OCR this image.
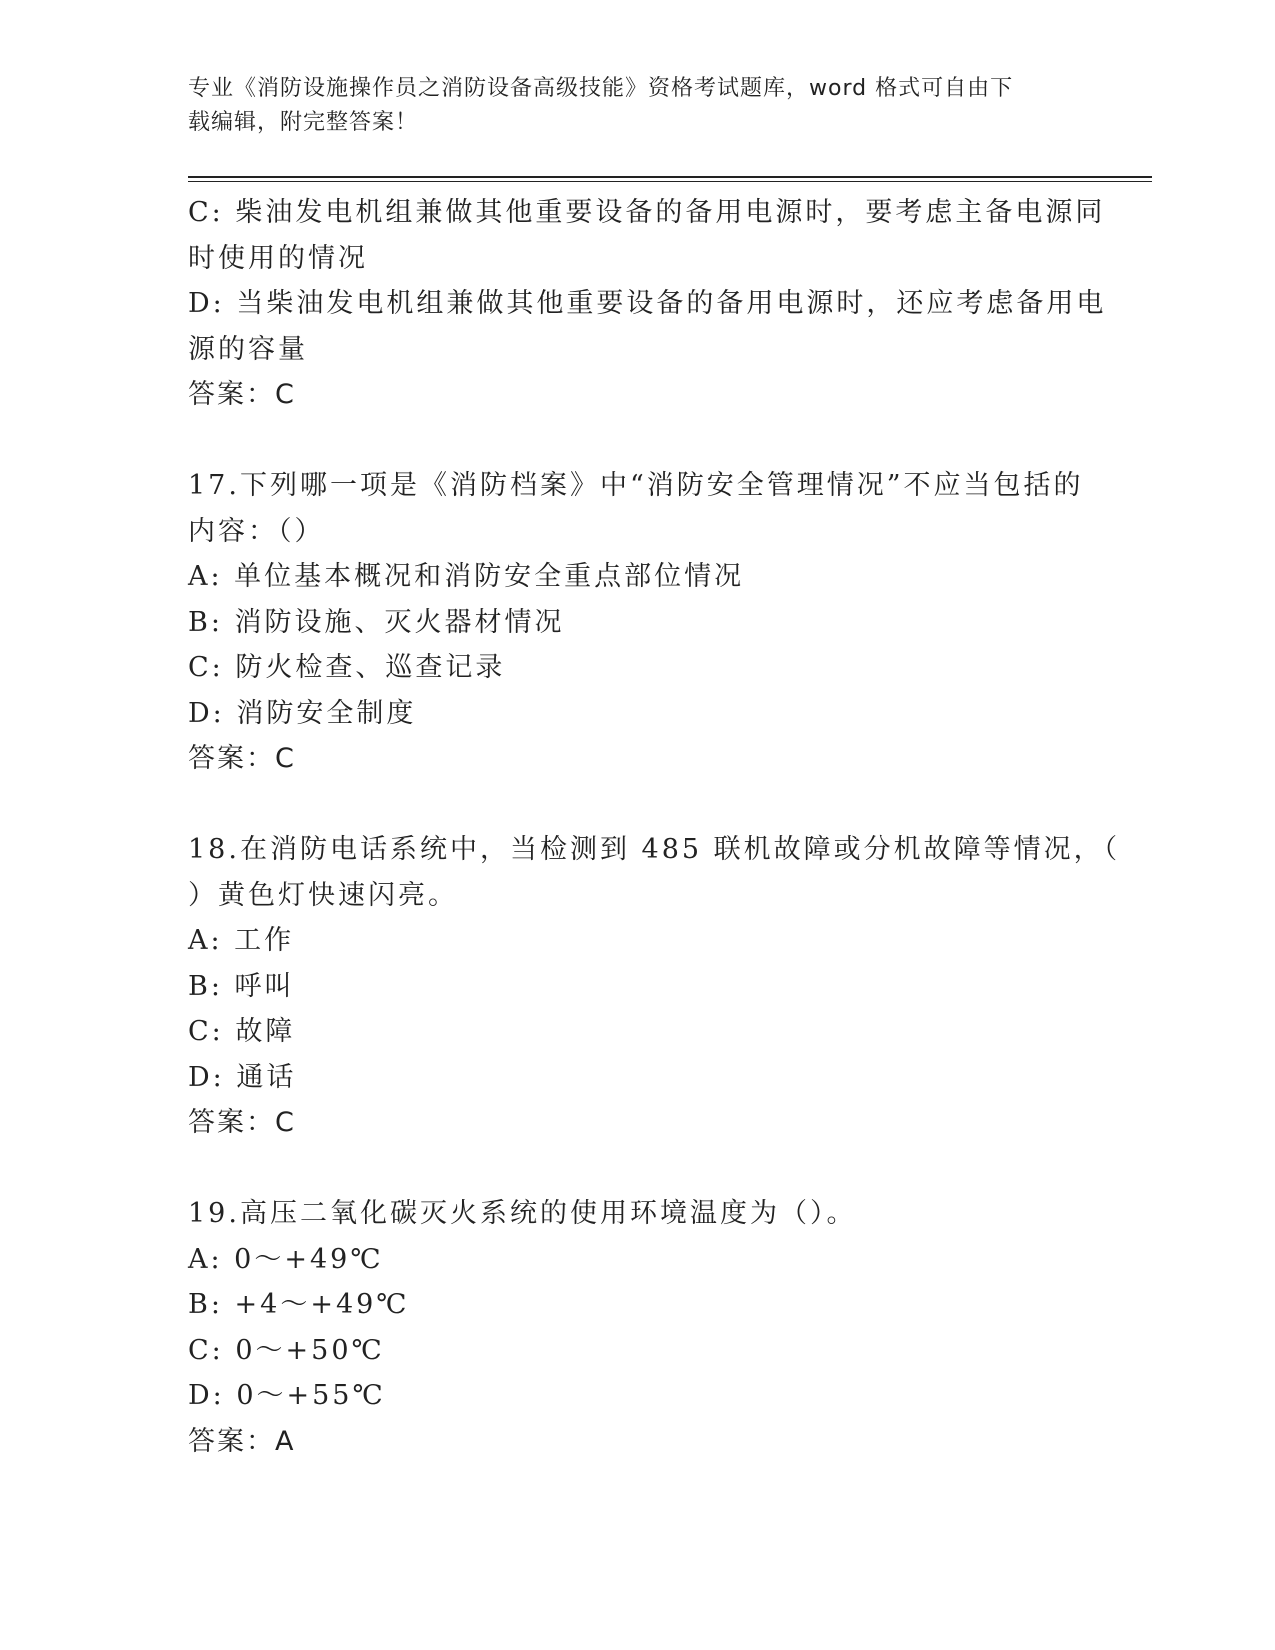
专业《消防设施操作员之消防设备高级技能》资格考试题库，word 格式可自由下
载编辑，附完整答案！
C: 柴油发电机组兼做其他重要设备的备用电源时，要考虑主备电源同
时使用的情况
D: 当柴油发电机组兼做其他重要设备的备用电源时，还应考虑备用电
源的容量
答案：C
17.下列哪一项是《消防档案》中“消防安全管理情况”不应当包括的
内容：（）
A: 单位基本概况和消防安全重点部位情况
B: 消防设施、灭火器材情况
C: 防火检查、巡查记录
D: 消防安全制度
答案：C
18.在消防电话系统中，当检测到 485 联机故障或分机故障等情况，（
）黄色灯快速闪亮。
A: 工作
B: 呼叫
C: 故障
D: 通话
答案：C
19.高压二氧化碳灭火系统的使用环境温度为（）。
A: 0～+49℃
B: +4～+49℃
C: 0～+50℃
D: 0～+55℃
答案：A
